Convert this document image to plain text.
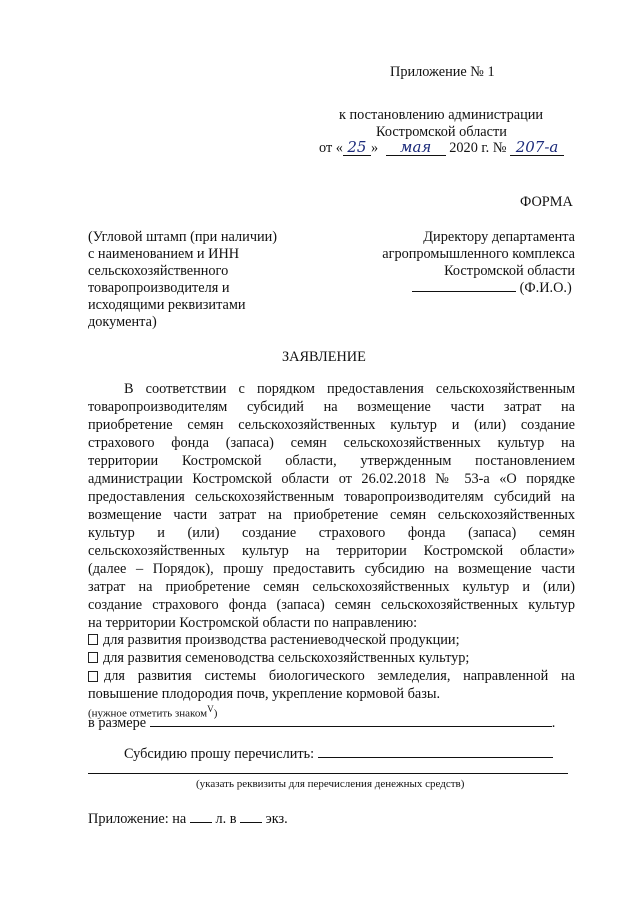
Приложение № 1
к постановлению администрации
Костромской области
от « 25 » мая 2020 г. № 207-а
ФОРМА
(Угловой штамп (при наличии)
с наименованием и ИНН
сельскохозяйственного
товаропроизводителя и
исходящими реквизитами
документа)
Директору департамента
агропромышленного комплекса
Костромской области
(Ф.И.О.)
ЗАЯВЛЕНИЕ
В соответствии с порядком предоставления сельскохозяйственным
товаропроизводителям субсидий на возмещение части затрат на
приобретение семян сельскохозяйственных культур и (или) создание
страхового фонда (запаса) семян сельскохозяйственных культур на
территории Костромской области, утвержденным постановлением
администрации Костромской области от 26.02.2018 № 53-а «О порядке
предоставления сельскохозяйственным товаропроизводителям субсидий на
возмещение части затрат на приобретение семян сельскохозяйственных
культур и (или) создание страхового фонда (запаса) семян
сельскохозяйственных культур на территории Костромской области»
(далее – Порядок), прошу предоставить субсидию на возмещение части
затрат на приобретение семян сельскохозяйственных культур и (или)
создание страхового фонда (запаса) семян сельскохозяйственных культур
на территории Костромской области по направлению:
для развития производства растениеводческой продукции;
для развития семеноводства сельскохозяйственных культур;
для развития системы биологического земледелия, направленной на
повышение плодородия почв, укрепление кормовой базы.
(нужное отметить знаком$^V$)
в размере	.
Субсидию прошу перечислить:
(указать реквизиты для перечисления денежных средств)
Приложение: на л. в экз.
